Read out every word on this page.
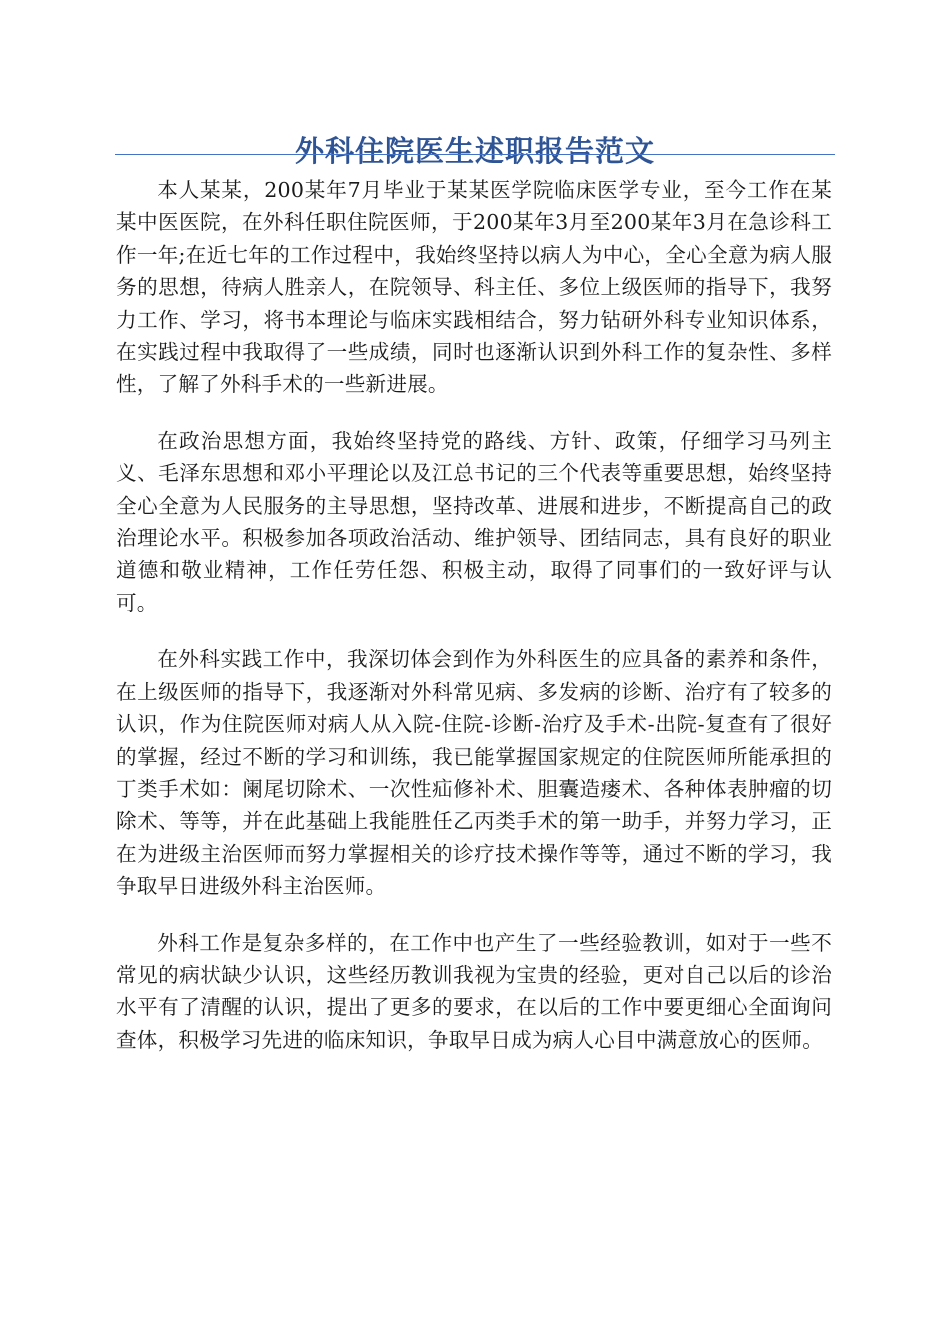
外科住院医生述职报告范文

本人某某，200某年7月毕业于某某医学院临床医学专业，至今工作在某某中医医院，在外科任职住院医师，于200某年3月至200某年3月在急诊科工作一年;在近七年的工作过程中，我始终坚持以病人为中心，全心全意为病人服务的思想，待病人胜亲人，在院领导、科主任、多位上级医师的指导下，我努力工作、学习，将书本理论与临床实践相结合，努力钻研外科专业知识体系，在实践过程中我取得了一些成绩，同时也逐渐认识到外科工作的复杂性、多样性，了解了外科手术的一些新进展。

在政治思想方面，我始终坚持党的路线、方针、政策，仔细学习马列主义、毛泽东思想和邓小平理论以及江总书记的三个代表等重要思想，始终坚持全心全意为人民服务的主导思想，坚持改革、进展和进步，不断提高自己的政治理论水平。积极参加各项政治活动、维护领导、团结同志，具有良好的职业道德和敬业精神，工作任劳任怨、积极主动，取得了同事们的一致好评与认可。

在外科实践工作中，我深切体会到作为外科医生的应具备的素养和条件，在上级医师的指导下，我逐渐对外科常见病、多发病的诊断、治疗有了较多的认识，作为住院医师对病人从入院-住院-诊断-治疗及手术-出院-复查有了很好的掌握，经过不断的学习和训练，我已能掌握国家规定的住院医师所能承担的丁类手术如：阑尾切除术、一次性疝修补术、胆囊造瘘术、各种体表肿瘤的切除术、等等，并在此基础上我能胜任乙丙类手术的第一助手，并努力学习，正在为进级主治医师而努力掌握相关的诊疗技术操作等等，通过不断的学习，我争取早日进级外科主治医师。

外科工作是复杂多样的，在工作中也产生了一些经验教训，如对于一些不常见的病状缺少认识，这些经历教训我视为宝贵的经验，更对自己以后的诊治水平有了清醒的认识，提出了更多的要求，在以后的工作中要更细心全面询问查体，积极学习先进的临床知识，争取早日成为病人心目中满意放心的医师。
